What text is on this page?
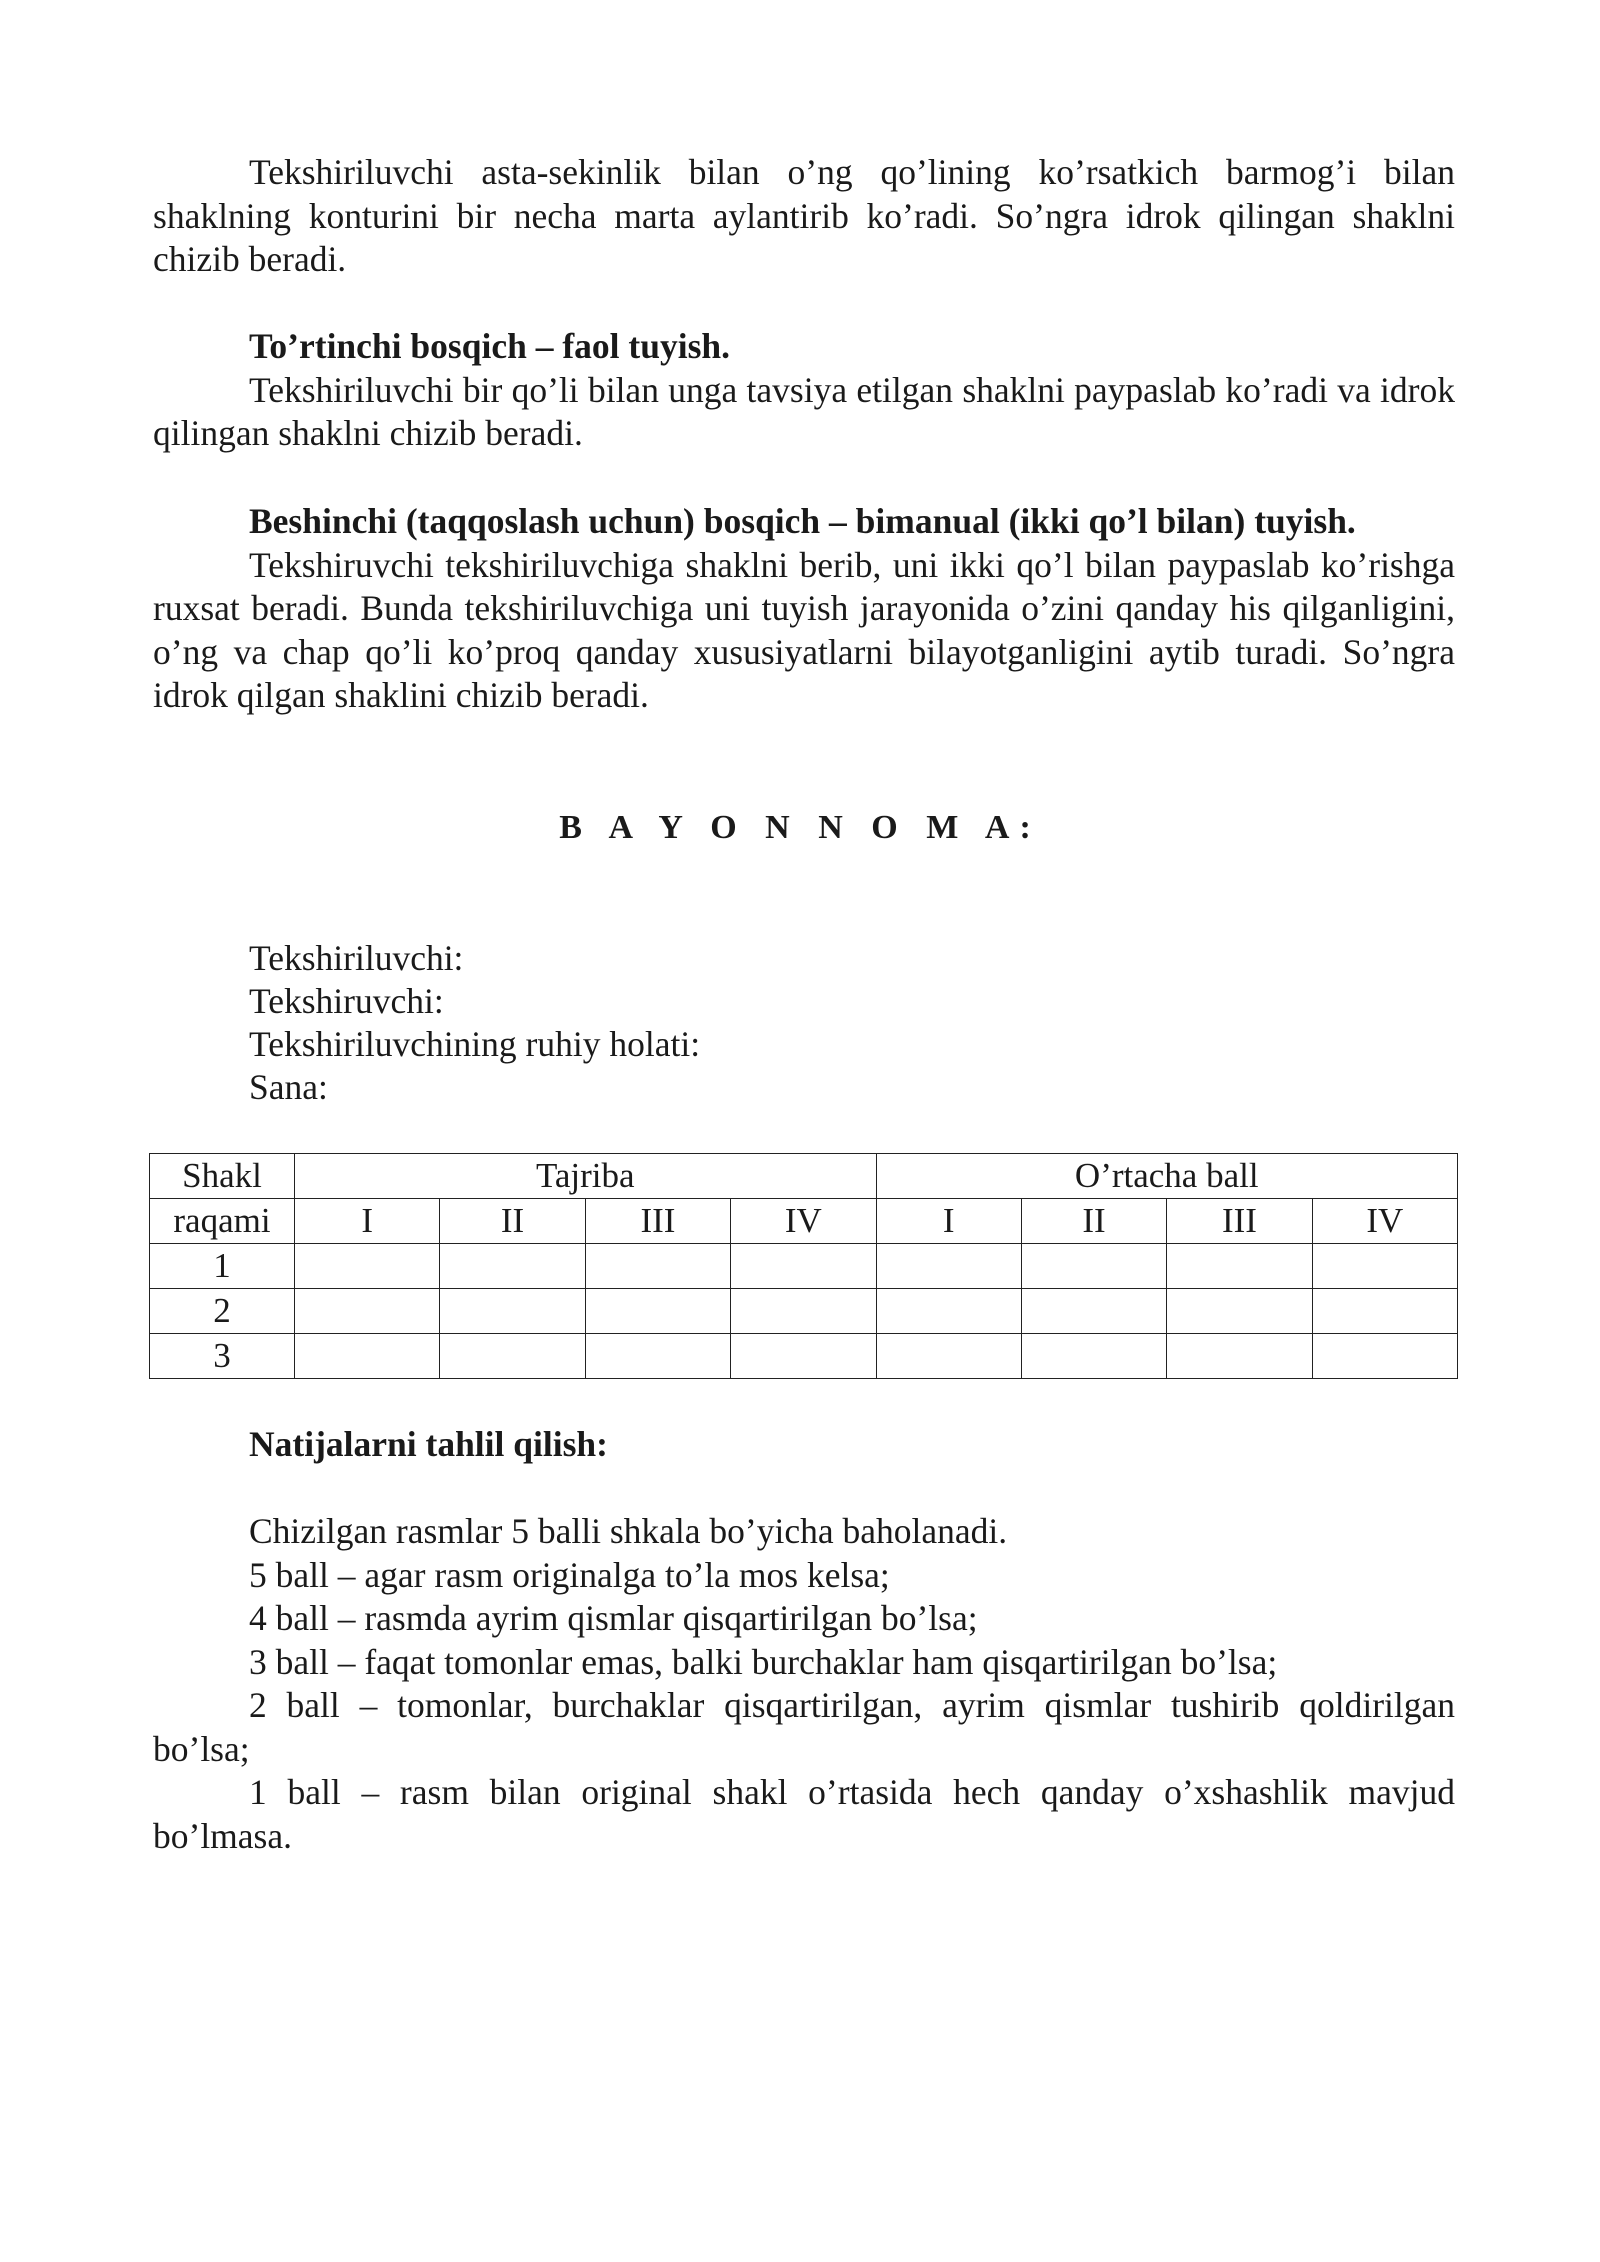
Tekshiriluvchi asta-sekinlik bilan o’ng qo’lining ko’rsatkich barmog’i bilan shaklning konturini bir necha marta aylantirib ko’radi. So’ngra idrok qilingan shaklni chizib beradi.

To’rtinchi bosqich – faol tuyish.

Tekshiriluvchi bir qo’li bilan unga tavsiya etilgan shaklni paypaslab ko’radi va idrok qilingan shaklni chizib beradi.

Beshinchi (taqqoslash uchun) bosqich – bimanual (ikki qo’l bilan) tuyish.

Tekshiruvchi tekshiriluvchiga shaklni berib, uni ikki qo’l bilan paypaslab ko’rishga ruxsat beradi. Bunda tekshiriluvchiga uni tuyish jarayonida o’zini qanday his qilganligini, o’ng va chap qo’li ko’proq qanday xususiyatlarni bilayotganligini aytib turadi. So’ngra idrok qilgan shaklini chizib beradi.

B A Y O N N O M A:
Tekshiriluvchi:
Tekshiruvchi:
Tekshiriluvchining ruhiy holati:
Sana:
Shakl	Tajriba				O’rtacha ball			
raqami	I	II	III	IV	I	II	III	IV
1								
2								
3								

Natijalarni tahlil qilish:

Chizilgan rasmlar 5 balli shkala bo’yicha baholanadi.

5 ball – agar rasm originalga to’la mos kelsa;

4 ball – rasmda ayrim qismlar qisqartirilgan bo’lsa;

3 ball – faqat tomonlar emas, balki burchaklar ham qisqartirilgan bo’lsa;

2 ball – tomonlar, burchaklar qisqartirilgan, ayrim qismlar tushirib qoldirilgan bo’lsa;

1 ball – rasm bilan original shakl o’rtasida hech qanday o’xshashlik mavjud bo’lmasa.
